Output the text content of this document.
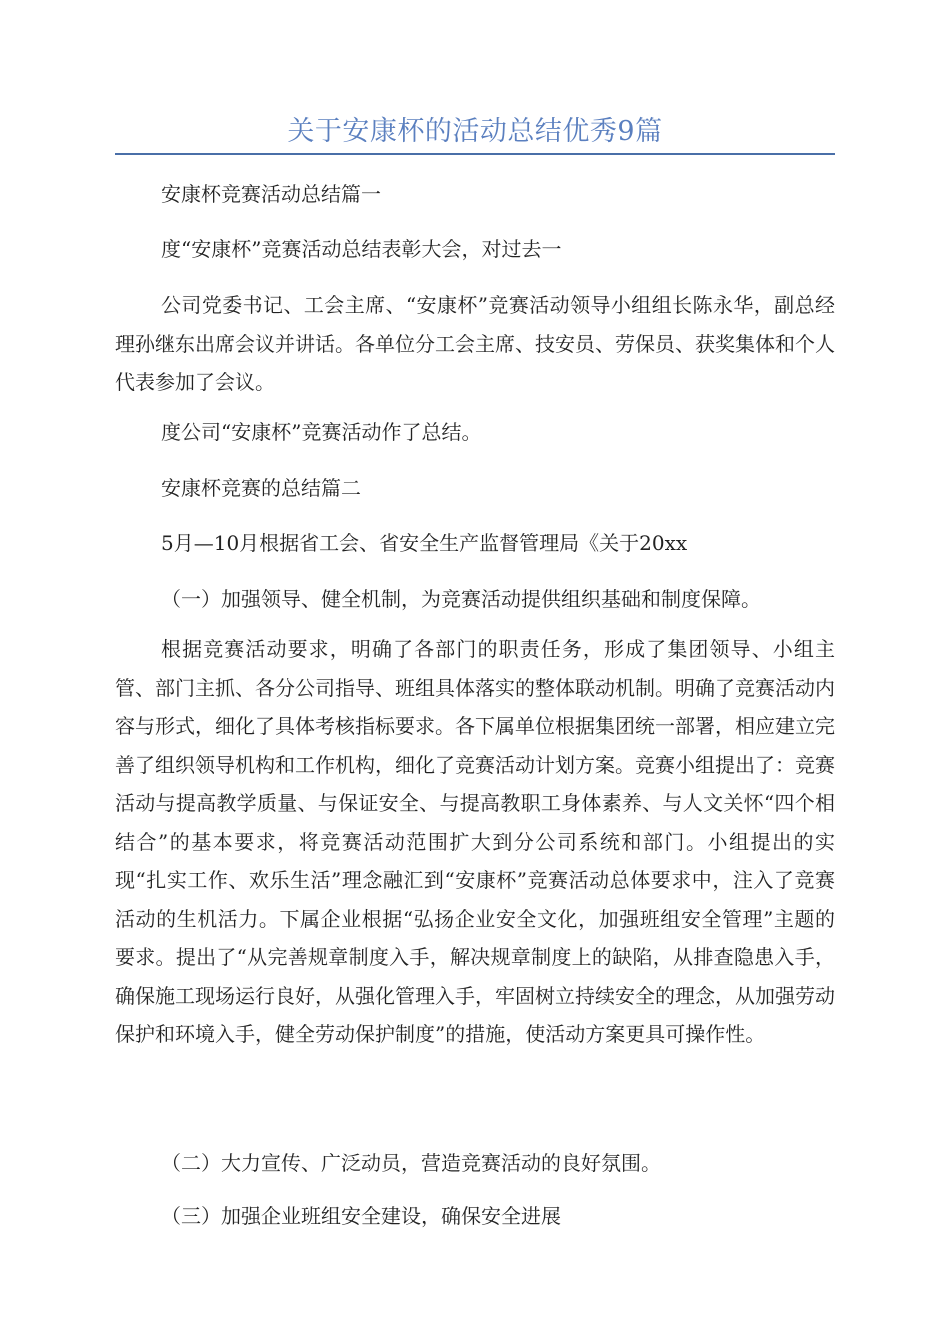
关于安康杯的活动总结优秀9篇

安康杯竞赛活动总结篇一

度“安康杯”竞赛活动总结表彰大会，对过去一

公司党委书记、工会主席、“安康杯”竞赛活动领导小组组长陈永华，副总经理孙继东出席会议并讲话。各单位分工会主席、技安员、劳保员、获奖集体和个人代表参加了会议。

度公司“安康杯”竞赛活动作了总结。

安康杯竞赛的总结篇二

5月—10月根据省工会、省安全生产监督管理局《关于20xx

（一）加强领导、健全机制，为竞赛活动提供组织基础和制度保障。

根据竞赛活动要求，明确了各部门的职责任务，形成了集团领导、小组主管、部门主抓、各分公司指导、班组具体落实的整体联动机制。明确了竞赛活动内容与形式，细化了具体考核指标要求。各下属单位根据集团统一部署，相应建立完善了组织领导机构和工作机构，细化了竞赛活动计划方案。竞赛小组提出了：竞赛活动与提高教学质量、与保证安全、与提高教职工身体素养、与人文关怀“四个相结合”的基本要求，将竞赛活动范围扩大到分公司系统和部门。小组提出的实现“扎实工作、欢乐生活”理念融汇到“安康杯”竞赛活动总体要求中，注入了竞赛活动的生机活力。下属企业根据“弘扬企业安全文化，加强班组安全管理”主题的要求。提出了“从完善规章制度入手，解决规章制度上的缺陷，从排查隐患入手，确保施工现场运行良好，从强化管理入手，牢固树立持续安全的理念，从加强劳动保护和环境入手，健全劳动保护制度”的措施，使活动方案更具可操作性。

（二）大力宣传、广泛动员，营造竞赛活动的良好氛围。

（三）加强企业班组安全建设，确保安全进展
